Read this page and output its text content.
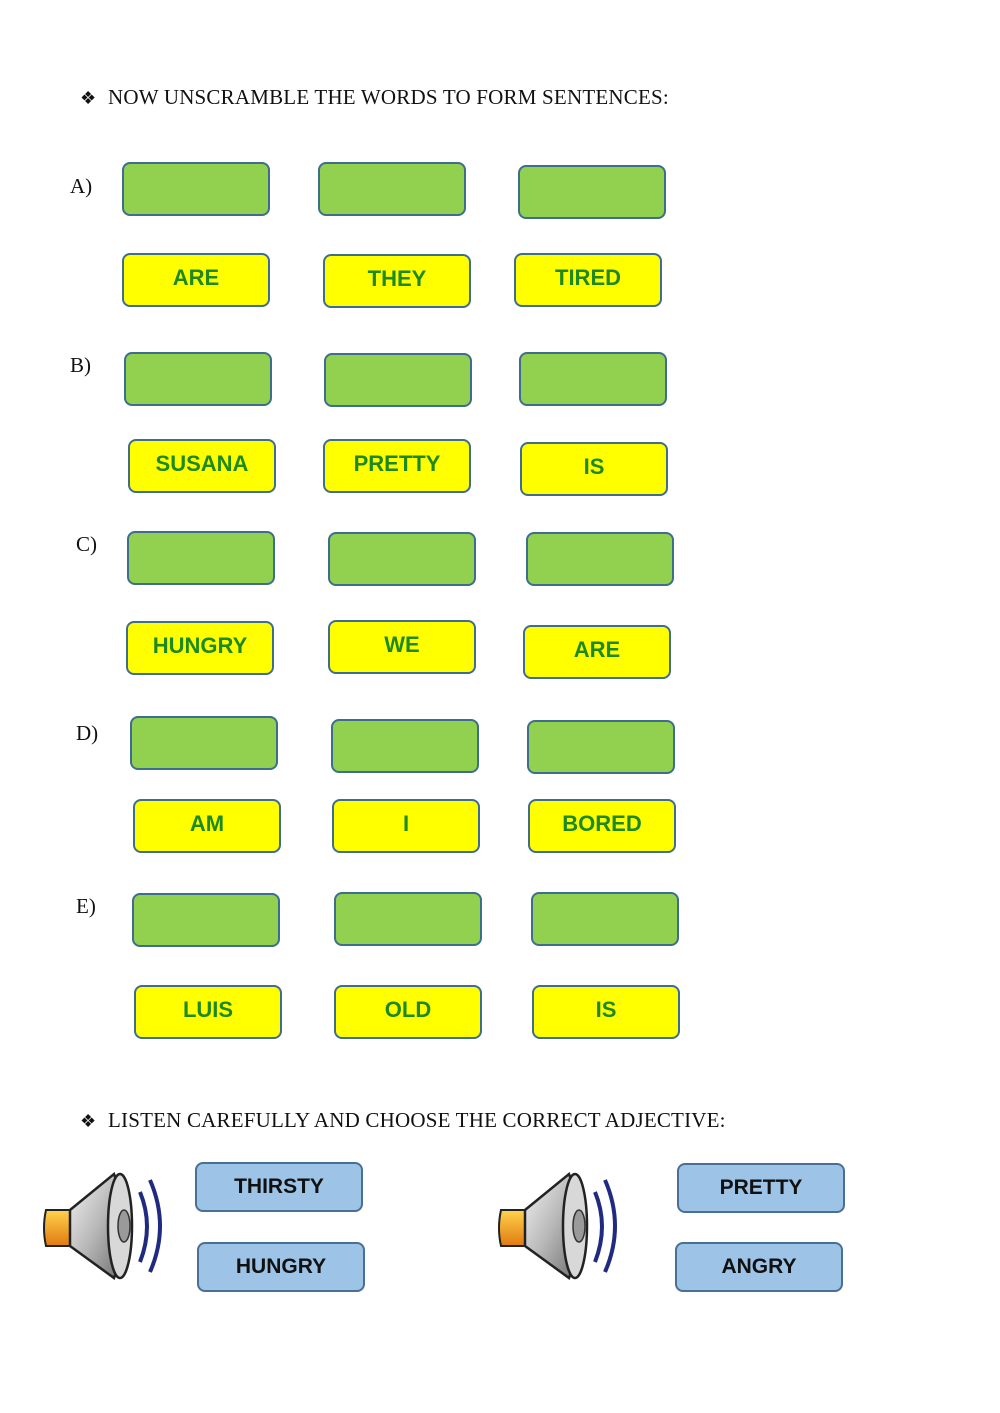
❖ NOW UNSCRAMBLE THE WORDS TO FORM SENTENCES:
A)
ARE	THEY	TIRED
B)
SUSANA	PRETTY	IS
C)
HUNGRY	WE	ARE
D)
AM	I	BORED
E)
LUIS	OLD	IS
❖ LISTEN CAREFULLY AND CHOOSE THE CORRECT ADJECTIVE:
THIRSTY
HUNGRY
PRETTY
ANGRY
